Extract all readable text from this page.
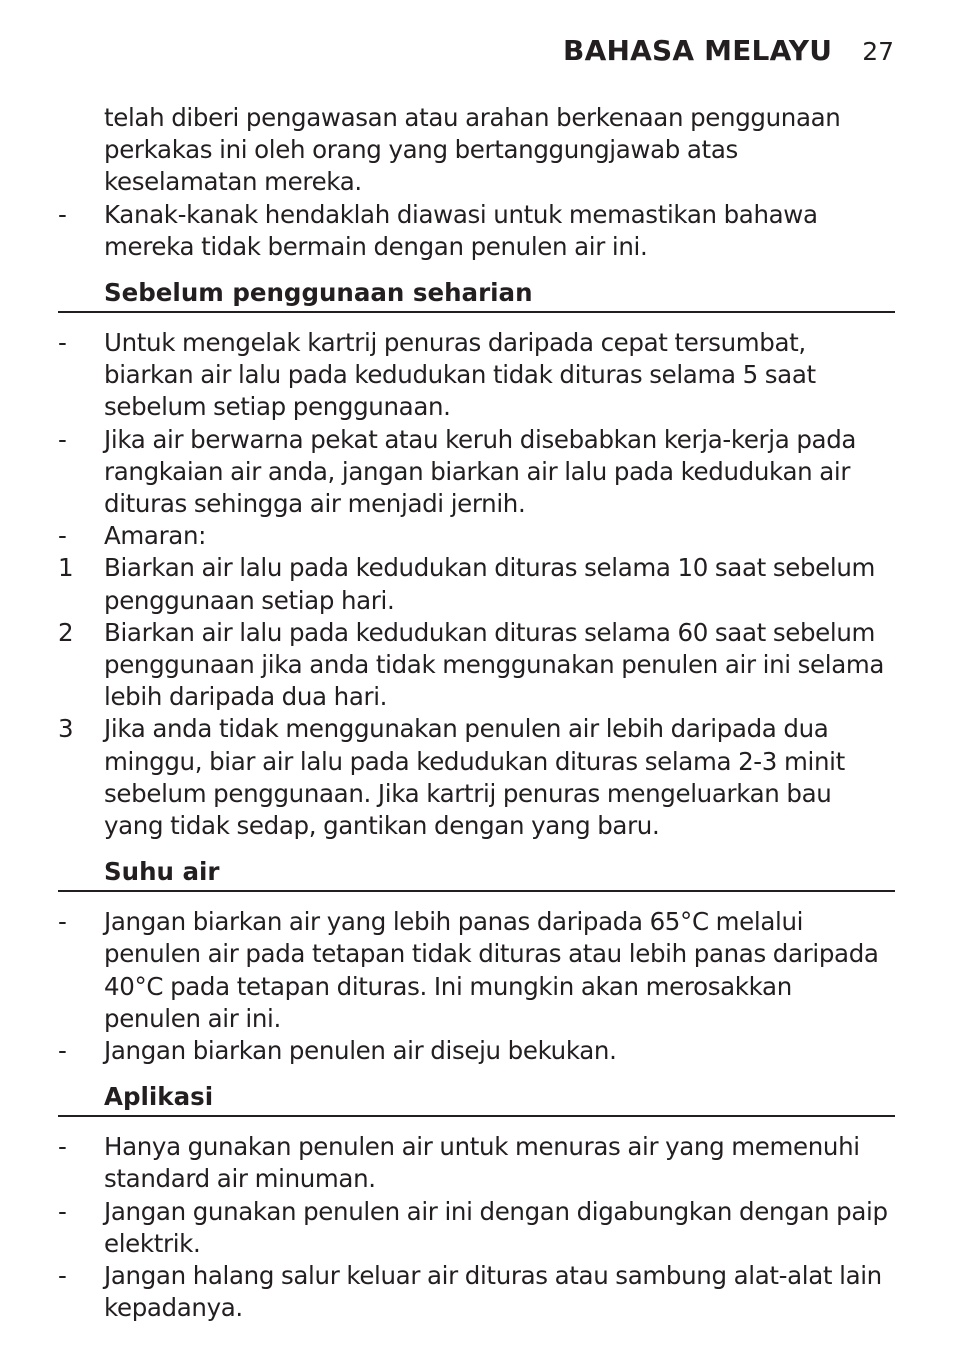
BAHASA MELAYU 27
telah diberi pengawasan atau arahan berkenaan penggunaan perkakas ini oleh orang yang bertanggungjawab atas keselamatan mereka.
-	Kanak-kanak hendaklah diawasi untuk memastikan bahawa mereka tidak bermain dengan penulen air ini.
Sebelum penggunaan seharian
-	Untuk mengelak kartrij penuras daripada cepat tersumbat, biarkan air lalu pada kedudukan tidak dituras selama 5 saat sebelum setiap penggunaan.
-	Jika air berwarna pekat atau keruh disebabkan kerja-kerja pada rangkaian air anda, jangan biarkan air lalu pada kedudukan air dituras sehingga air menjadi jernih.
-	Amaran:
1	Biarkan air lalu pada kedudukan dituras selama 10 saat sebelum penggunaan setiap hari.
2	Biarkan air lalu pada kedudukan dituras selama 60 saat sebelum penggunaan jika anda tidak menggunakan penulen air ini selama lebih daripada dua hari.
3	Jika anda tidak menggunakan penulen air lebih daripada dua minggu, biar air lalu pada kedudukan dituras selama 2-3 minit sebelum penggunaan. Jika kartrij penuras mengeluarkan bau yang tidak sedap, gantikan dengan yang baru.
Suhu air
-	Jangan biarkan air yang lebih panas daripada 65°C melalui penulen air pada tetapan tidak dituras atau lebih panas daripada 40°C pada tetapan dituras. Ini mungkin akan merosakkan penulen air ini.
-	Jangan biarkan penulen air diseju bekukan.
Aplikasi
-	Hanya gunakan penulen air untuk menuras air yang memenuhi standard air minuman.
-	Jangan gunakan penulen air ini dengan digabungkan dengan paip elektrik.
-	Jangan halang salur keluar air dituras atau sambung alat-alat lain kepadanya.
